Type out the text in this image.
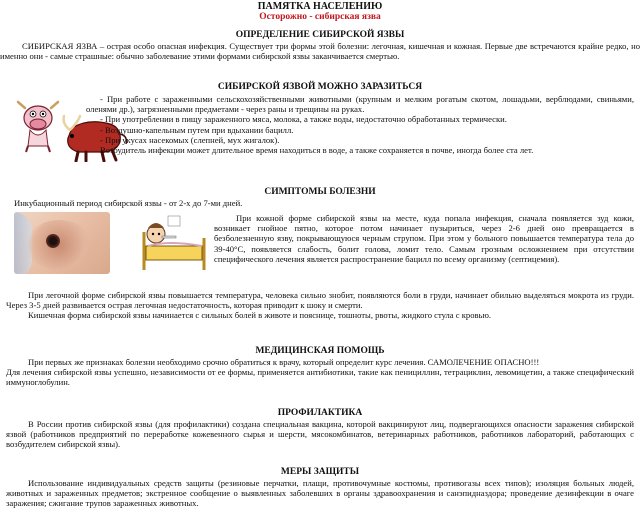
ПАМЯТКА НАСЕЛЕНИЮ
Осторожно - сибирская язва
ОПРЕДЕЛЕНИЕ СИБИРСКОЙ ЯЗВЫ

СИБИРСКАЯ ЯЗВА – острая особо опасная инфекция. Существует три формы этой болезни: легочная, кишечная и кожная. Первые две встречаются крайне редко, но именно они - самые страшные: обычно заболевание этими формами сибирской язвы заканчивается смертью.

СИБИРСКОЙ ЯЗВОЙ МОЖНО ЗАРАЗИТЬСЯ

- При работе с зараженными сельскохозяйственными животными (крупным и мелким рогатым скотом, лошадьми, верблюдами, свиньями, оленями др.), загрязненными предметами - через раны и трещины на руках.

- При употреблении в пищу зараженного мяса, молока, а также воды, недостаточно обработанных термически.

- Воздушно-капельным путем при вдыхании бацилл.

- При укусах насекомых (слепней, мух жигалок).

Возбудитель инфекции может длительное время находиться в воде, а также сохраняется в почве, иногда более ста лет.

СИМПТОМЫ БОЛЕЗНИ

Инкубационный период сибирской язвы - от 2-х до 7-ми дней.

При кожной форме сибирской язвы на месте, куда попала инфекция, сначала появляется зуд кожи, возникает гнойное пятно, которое потом начинает пузыриться, через 2-6 дней оно превращается в безболезненную язву, покрывающуюся черным струпом. При этом у больного повышается температура тела до 39-40°С, появляется слабость, болит голова, ломит тело. Самым грозным осложнением при отсутствии специфического лечения является распространение бацилл по всему организму (септицемия).

При легочной форме сибирской язвы повышается температура, человека сильно знобит, появляются боли в груди, начинает обильно выделяться мокрота из груди. Через 3-5 дней развивается острая легочная недостаточность, которая приводит к шоку и смерти.

Кишечная форма сибирской язвы начинается с сильных болей в животе и пояснице, тошноты, рвоты, жидкого стула с кровью.

МЕДИЦИНСКАЯ ПОМОЩЬ

При первых же признаках болезни необходимо срочно обратиться к врачу, который определит курс лечения. САМОЛЕЧЕНИЕ ОПАСНО!!!

Для лечения сибирской язвы успешно, независимости от ее формы, применяется антибиотики, такие как пенициллин, тетрациклин, левомицетин, а также специфический иммуноглобулин.

ПРОФИЛАКТИКА

В России против сибирской язвы (для профилактики) создана специальная вакцина, которой вакцинируют лиц, подвергающихся опасности заражения сибирской язвой (работников предприятий по переработке кожевенного сырья и шерсти, мясокомбинатов, ветеринарных работников, работников лабораторий, работающих с возбудителем сибирской язвы).

МЕРЫ ЗАЩИТЫ

Использование индивидуальных средств защиты (резиновые перчатки, плащи, противочумные костюмы, противогазы всех типов); изоляция больных людей, животных и зараженных предметов; экстренное сообщение о выявленных заболевших в органы здравоохранения и санэпидназдора; проведение дезинфекции в очаге заражения; сжигание трупов зараженных животных.
